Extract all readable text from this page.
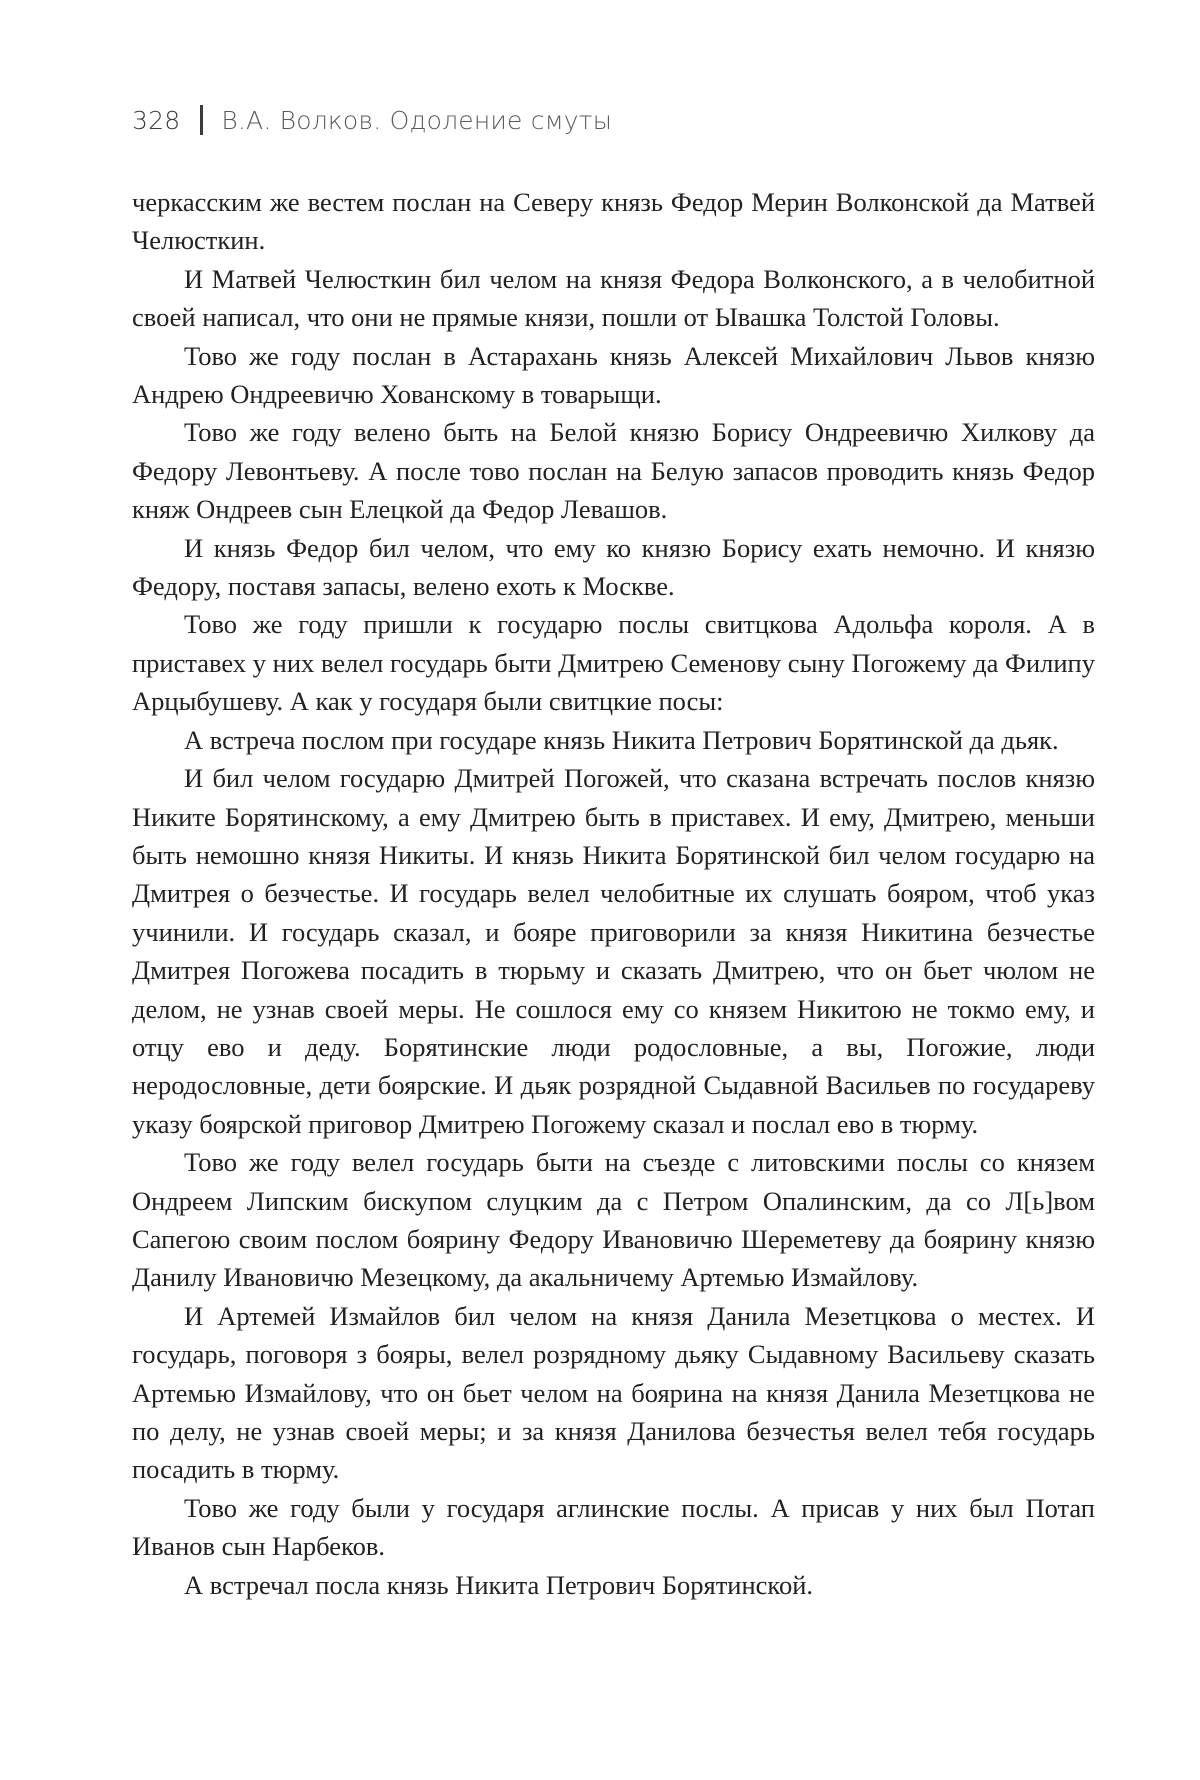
328 В.А. Волков. Одоление смуты

черкасским же вестем послан на Северу князь Федор Мерин Волконской да Матвей Челюсткин.

И Матвей Челюсткин бил челом на князя Федора Волконского, а в челобитной своей написал, что они не прямые князи, пошли от Ывашка Толстой Головы.

Тово же году послан в Астарахань князь Алексей Михайлович Львов князю Андрею Ондреевичю Хованскому в товарыщи.

Тово же году велено быть на Белой князю Борису Ондреевичю Хилкову да Федору Левонтьеву. А после тово послан на Белую запасов проводить князь Федор княж Ондреев сын Елецкой да Федор Левашов.

И князь Федор бил челом, что ему ко князю Борису ехать немочно. И князю Федору, поставя запасы, велено ехоть к Москве.

Тово же году пришли к государю послы свитцкова Адольфа короля. А в приставех у них велел государь быти Дмитрею Семенову сыну Погожему да Филипу Арцыбушеву. А как у государя были свитцкие посы:

А встреча послом при государе князь Никита Петрович Борятинской да дьяк.

И бил челом государю Дмитрей Погожей, что сказана встречать послов князю Никите Борятинскому, а ему Дмитрею быть в приставех. И ему, Дмитрею, меньши быть немошно князя Никиты. И князь Никита Борятинской бил челом государю на Дмитрея о безчестье. И государь велел челобитные их слушать бояром, чтоб указ учинили. И государь сказал, и бояре приговорили за князя Никитина безчестье Дмитрея Погожева посадить в тюрьму и сказать Дмитрею, что он бьет чюлом не делом, не узнав своей меры. Не сошлося ему со князем Никитою не токмо ему, и отцу ево и деду. Борятинские люди родословные, а вы, Погожие, люди неродословные, дети боярские. И дьяк розрядной Сыдавной Васильев по государеву указу боярской приговор Дмитрею Погожему сказал и послал ево в тюрму.

Тово же году велел государь быти на съезде с литовскими послы со князем Ондреем Липским бискупом слуцким да с Петром Опалинским, да со Л[ь]вом Сапегою своим послом боярину Федору Ивановичю Шереметеву да боярину князю Данилу Ивановичю Мезецкому, да акальничему Артемью Измайлову.

И Артемей Измайлов бил челом на князя Данила Мезетцкова о местех. И государь, поговоря з бояры, велел розрядному дьяку Сыдавному Васильеву сказать Артемью Измайлову, что он бьет челом на боярина на князя Данила Мезетцкова не по делу, не узнав своей меры; и за князя Данилова безчестья велел тебя государь посадить в тюрму.

Тово же году были у государя аглинские послы. А присав у них был Потап Иванов сын Нарбеков.

А встречал посла князь Никита Петрович Борятинской.
